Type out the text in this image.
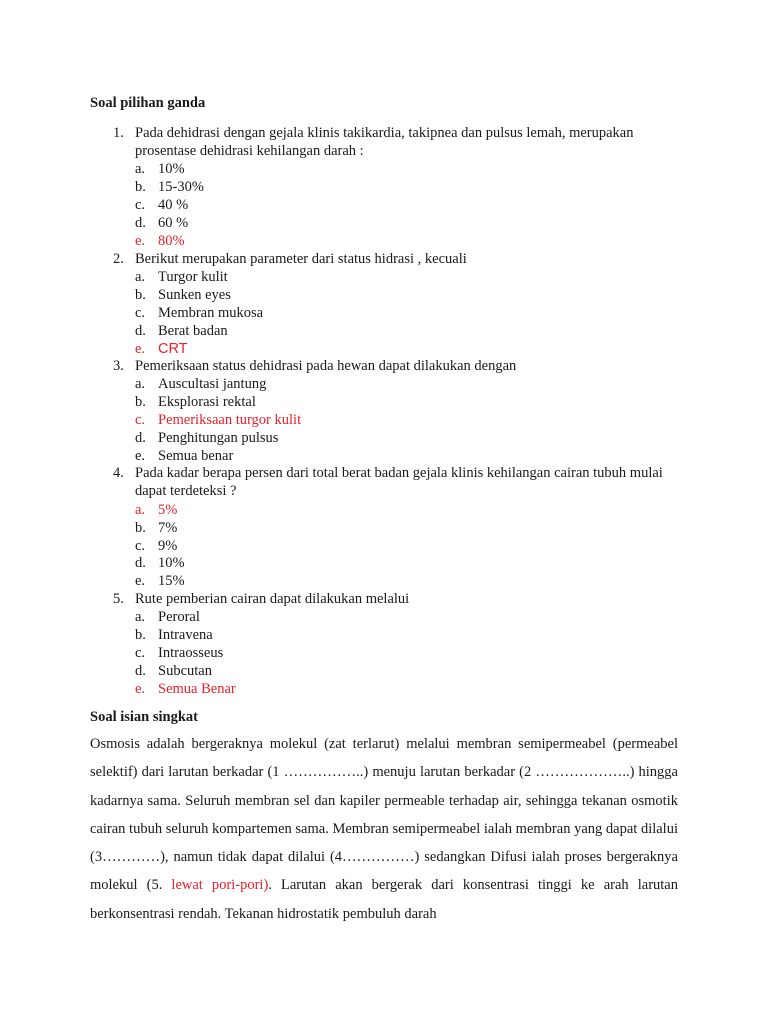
Soal pilihan ganda
1. Pada dehidrasi dengan gejala klinis takikardia, takipnea dan pulsus lemah, merupakan prosentase dehidrasi kehilangan darah :
a. 10%
b. 15-30%
c. 40 %
d. 60 %
e. 80%
2. Berikut merupakan parameter dari status hidrasi , kecuali
a. Turgor kulit
b. Sunken eyes
c. Membran mukosa
d. Berat badan
e. CRT
3. Pemeriksaan status dehidrasi pada hewan dapat dilakukan dengan
a. Auscultasi jantung
b. Eksplorasi rektal
c. Pemeriksaan turgor kulit
d. Penghitungan pulsus
e. Semua benar
4. Pada kadar berapa persen dari total berat badan gejala klinis kehilangan cairan tubuh mulai dapat terdeteksi ?
a. 5%
b. 7%
c. 9%
d. 10%
e. 15%
5. Rute pemberian cairan dapat dilakukan melalui
a. Peroral
b. Intravena
c. Intraosseus
d. Subcutan
e. Semua Benar
Soal isian singkat
Osmosis adalah bergeraknya molekul (zat terlarut) melalui membran semipermeabel (permeabel selektif) dari larutan berkadar (1 ……………..) menuju larutan berkadar (2 ………………..) hingga kadarnya sama. Seluruh membran sel dan kapiler permeable terhadap air, sehingga tekanan osmotik cairan tubuh seluruh kompartemen sama. Membran semipermeabel ialah membran yang dapat dilalui (3…………), namun tidak dapat dilalui (4……………) sedangkan Difusi ialah proses bergeraknya molekul (5. lewat pori-pori). Larutan akan bergerak dari konsentrasi tinggi ke arah larutan berkonsentrasi rendah. Tekanan hidrostatik pembuluh darah
